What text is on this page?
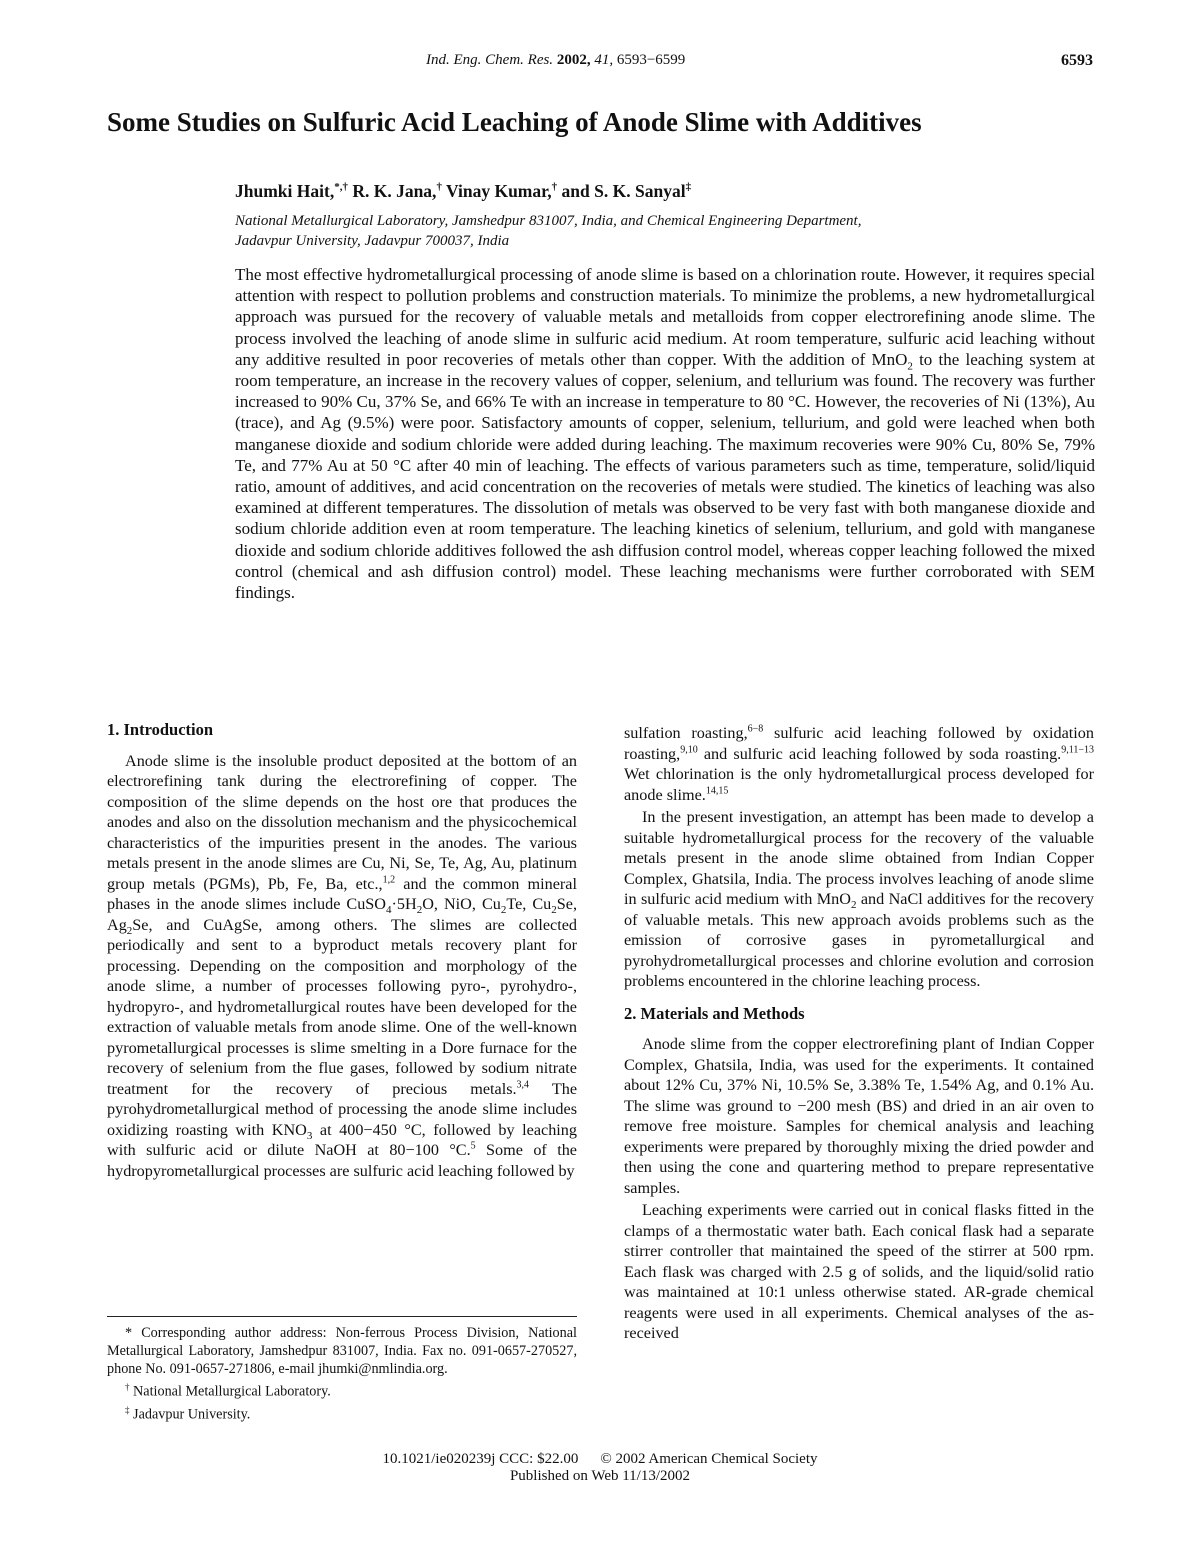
Ind. Eng. Chem. Res. 2002, 41, 6593−6599	6593
Some Studies on Sulfuric Acid Leaching of Anode Slime with Additives
Jhumki Hait,*,† R. K. Jana,† Vinay Kumar,† and S. K. Sanyal‡
National Metallurgical Laboratory, Jamshedpur 831007, India, and Chemical Engineering Department,
Jadavpur University, Jadavpur 700037, India

The most effective hydrometallurgical processing of anode slime is based on a chlorination route. However, it requires special attention with respect to pollution problems and construction materials. To minimize the problems, a new hydrometallurgical approach was pursued for the recovery of valuable metals and metalloids from copper electrorefining anode slime. The process involved the leaching of anode slime in sulfuric acid medium. At room temperature, sulfuric acid leaching without any additive resulted in poor recoveries of metals other than copper. With the addition of MnO$_2$ to the leaching system at room temperature, an increase in the recovery values of copper, selenium, and tellurium was found. The recovery was further increased to 90% Cu, 37% Se, and 66% Te with an increase in temperature to 80 °C. However, the recoveries of Ni (13%), Au (trace), and Ag (9.5%) were poor. Satisfactory amounts of copper, selenium, tellurium, and gold were leached when both manganese dioxide and sodium chloride were added during leaching. The maximum recoveries were 90% Cu, 80% Se, 79% Te, and 77% Au at 50 °C after 40 min of leaching. The effects of various parameters such as time, temperature, solid/liquid ratio, amount of additives, and acid concentration on the recoveries of metals were studied. The kinetics of leaching was also examined at different temperatures. The dissolution of metals was observed to be very fast with both manganese dioxide and sodium chloride addition even at room temperature. The leaching kinetics of selenium, tellurium, and gold with manganese dioxide and sodium chloride additives followed the ash diffusion control model, whereas copper leaching followed the mixed control (chemical and ash diffusion control) model. These leaching mechanisms were further corroborated with SEM findings.

1. Introduction

Anode slime is the insoluble product deposited at the bottom of an electrorefining tank during the electrorefining of copper. The composition of the slime depends on the host ore that produces the anodes and also on the dissolution mechanism and the physicochemical characteristics of the impurities present in the anodes. The various metals present in the anode slimes are Cu, Ni, Se, Te, Ag, Au, platinum group metals (PGMs), Pb, Fe, Ba, etc.,$^{1,2}$ and the common mineral phases in the anode slimes include $CuSO_4\cdot 5H_2O$, NiO, $Cu_2Te$, $Cu_2Se$, $Ag_2Se$, and CuAgSe, among others. The slimes are collected periodically and sent to a byproduct metals recovery plant for processing. Depending on the composition and morphology of the anode slime, a number of processes following pyro-, pyrohydro-, hydropyro-, and hydrometallurgical routes have been developed for the extraction of valuable metals from anode slime. One of the well-known pyrometallurgical processes is slime smelting in a Dore furnace for the recovery of selenium from the flue gases, followed by sodium nitrate treatment for the recovery of precious metals.$^{3,4}$ The pyrohydrometallurgical method of processing the anode slime includes oxidizing roasting with $KNO_3$ at 400−450 °C, followed by leaching with sulfuric acid or dilute NaOH at 80−100 °C.$^5$ Some of the hydropyrometallurgical processes are sulfuric acid leaching followed by

* Corresponding author address: Non-ferrous Process Division, National Metallurgical Laboratory, Jamshedpur 831007, India. Fax no. 091-0657-270527, phone No. 091-0657-271806, e-mail jhumki@nmlindia.org.

† National Metallurgical Laboratory.

‡ Jadavpur University.

sulfation roasting,$^{6-8}$ sulfuric acid leaching followed by oxidation roasting,$^{9,10}$ and sulfuric acid leaching followed by soda roasting.$^{9,11-13}$ Wet chlorination is the only hydrometallurgical process developed for anode slime.$^{14,15}$

In the present investigation, an attempt has been made to develop a suitable hydrometallurgical process for the recovery of the valuable metals present in the anode slime obtained from Indian Copper Complex, Ghatsila, India. The process involves leaching of anode slime in sulfuric acid medium with MnO$_2$ and NaCl additives for the recovery of valuable metals. This new approach avoids problems such as the emission of corrosive gases in pyrometallurgical and pyrohydrometallurgical processes and chlorine evolution and corrosion problems encountered in the chlorine leaching process.

2. Materials and Methods

Anode slime from the copper electrorefining plant of Indian Copper Complex, Ghatsila, India, was used for the experiments. It contained about 12% Cu, 37% Ni, 10.5% Se, 3.38% Te, 1.54% Ag, and 0.1% Au. The slime was ground to −200 mesh (BS) and dried in an air oven to remove free moisture. Samples for chemical analysis and leaching experiments were prepared by thoroughly mixing the dried powder and then using the cone and quartering method to prepare representative samples.

Leaching experiments were carried out in conical flasks fitted in the clamps of a thermostatic water bath. Each conical flask had a separate stirrer controller that maintained the speed of the stirrer at 500 rpm. Each flask was charged with 2.5 g of solids, and the liquid/solid ratio was maintained at 10:1 unless otherwise stated. AR-grade chemical reagents were used in all experiments. Chemical analyses of the as-received

10.1021/ie020239j CCC: $22.00 © 2002 American Chemical Society
Published on Web 11/13/2002
